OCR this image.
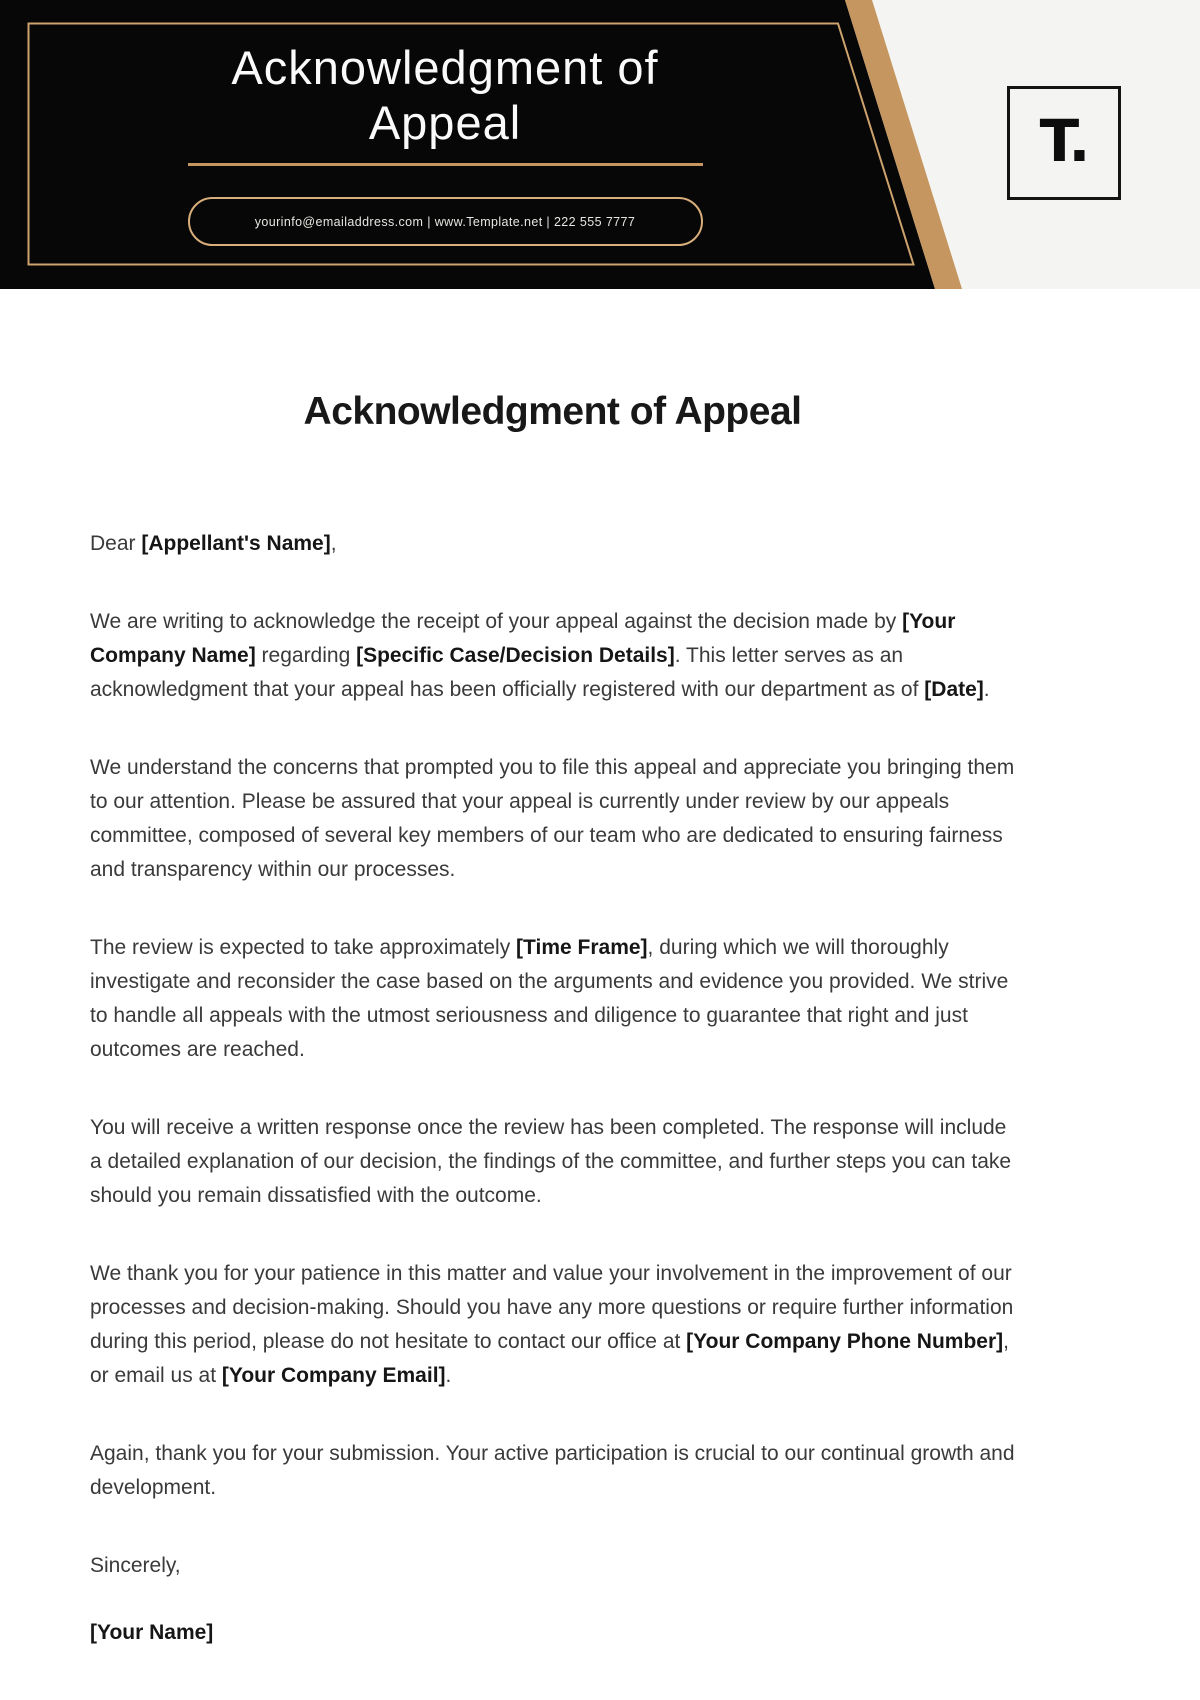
Acknowledgment of
Appeal
yourinfo@emailaddress.com | www.Template.net | 222 555 7777
T.
Acknowledgment of Appeal

Dear [Appellant's Name],

We are writing to acknowledge the receipt of your appeal against the decision made by [Your Company Name] regarding [Specific Case/Decision Details]. This letter serves as an acknowledgment that your appeal has been officially registered with our department as of [Date].

We understand the concerns that prompted you to file this appeal and appreciate you bringing them to our attention. Please be assured that your appeal is currently under review by our appeals committee, composed of several key members of our team who are dedicated to ensuring fairness and transparency within our processes.

The review is expected to take approximately [Time Frame], during which we will thoroughly investigate and reconsider the case based on the arguments and evidence you provided. We strive to handle all appeals with the utmost seriousness and diligence to guarantee that right and just outcomes are reached.

You will receive a written response once the review has been completed. The response will include a detailed explanation of our decision, the findings of the committee, and further steps you can take should you remain dissatisfied with the outcome.

We thank you for your patience in this matter and value your involvement in the improvement of our processes and decision-making. Should you have any more questions or require further information during this period, please do not hesitate to contact our office at [Your Company Phone Number], or email us at [Your Company Email].

Again, thank you for your submission. Your active participation is crucial to our continual growth and development.

Sincerely,

[Your Name]
